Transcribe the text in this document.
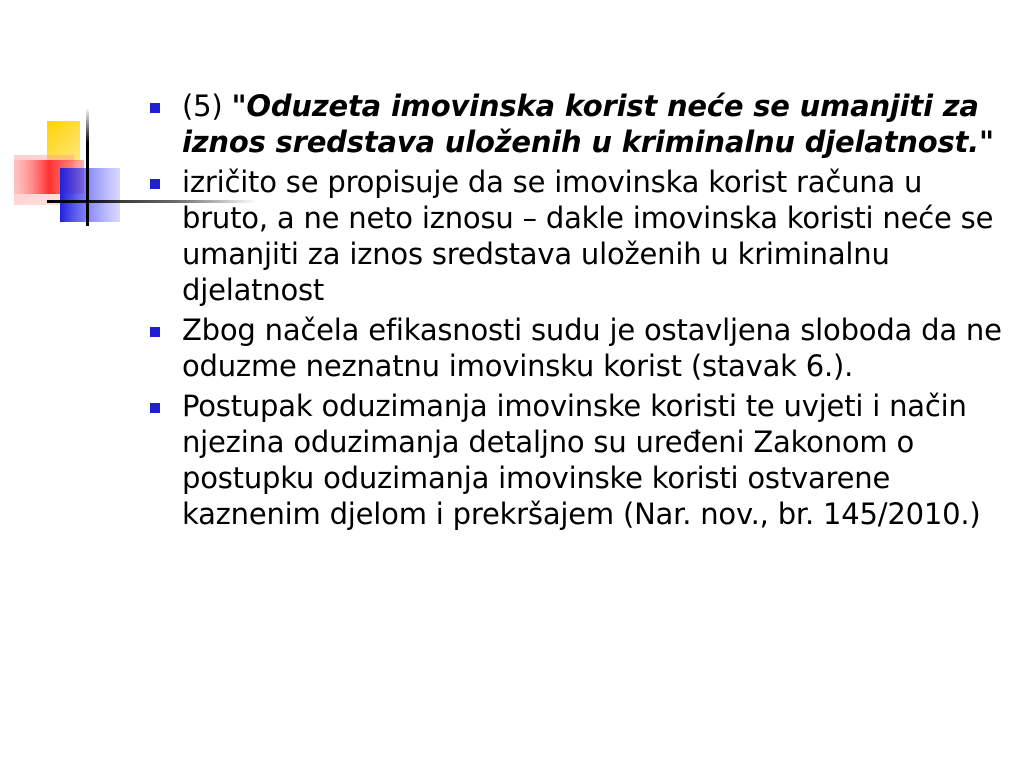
(5) "Oduzeta imovinska korist neće se umanjiti za iznos sredstava uloženih u kriminalnu djelatnost."
izričito se propisuje da se imovinska korist računa u bruto, a ne neto iznosu – dakle imovinska koristi neće se umanjiti za iznos sredstava uloženih u kriminalnu djelatnost
Zbog načela efikasnosti sudu je ostavljena sloboda da ne oduzme neznatnu imovinsku korist (stavak 6.).
Postupak oduzimanja imovinske koristi te uvjeti i način njezina oduzimanja detaljno su uređeni Zakonom o postupku oduzimanja imovinske koristi ostvarene kaznenim djelom i prekršajem (Nar. nov., br. 145/2010.)
